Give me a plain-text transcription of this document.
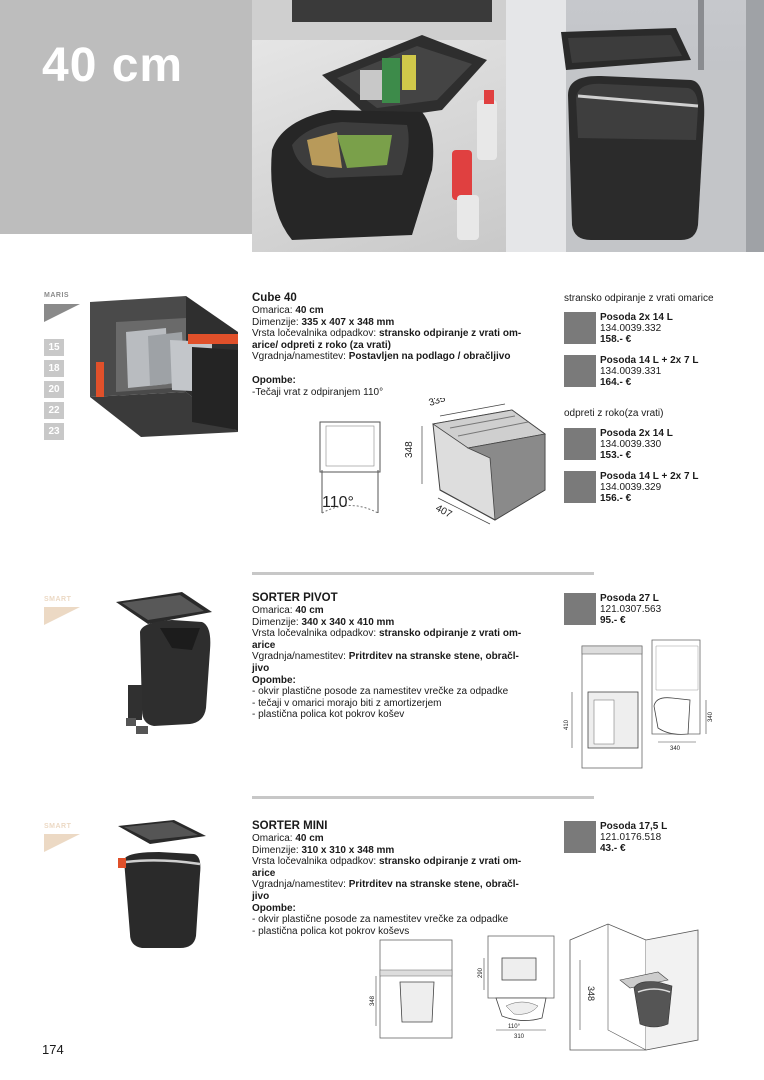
40 cm
MARIS
15
18
20
22
23
SMART
SMART
Cube 40
Omarica: 40 cm
Dimenzije: 335 x 407 x 348 mm
Vrsta ločevalnika odpadkov: stransko odpiranje z vrati om-
arice/ odpreti z roko (za vrati)
Vgradnja/namestitev: Postavljen na podlago / obračljivo
Opombe:
-Tečaji vrat z odpiranjem 110°
110°
348
335
407
stransko odpiranje z vrati omarice
Posoda 2x 14 L
134.0039.332
158.- €
Posoda 14 L + 2x 7 L
134.0039.331
164.- €
odpreti z roko(za vrati)
Posoda 2x 14 L
134.0039.330
153.- €
Posoda 14 L + 2x 7 L
134.0039.329
156.- €
SORTER PIVOT
Omarica: 40 cm
Dimenzije: 340 x 340 x 410 mm
Vrsta ločevalnika odpadkov: stransko odpiranje z vrati om-
arice
Vgradnja/namestitev: Pritrditev na stranske stene, obračl-
jivo
Opombe:
- okvir plastične posode za namestitev vrečke za odpadke
- tečaji v omarici morajo biti z amortizerjem
- plastična polica kot pokrov košev
Posoda 27 L
121.0307.563
95.- €
410
340
340
SORTER MINI
Omarica: 40 cm
Dimenzije: 310 x 310 x 348 mm
Vrsta ločevalnika odpadkov: stransko odpiranje z vrati om-
arice
Vgradnja/namestitev: Pritrditev na stranske stene, obračl-
jivo
Opombe:
- okvir plastične posode za namestitev vrečke za odpadke
- plastična polica kot pokrov koševs
Posoda 17,5 L
121.0176.518
43.- €
348
290
110°
310
348
174
